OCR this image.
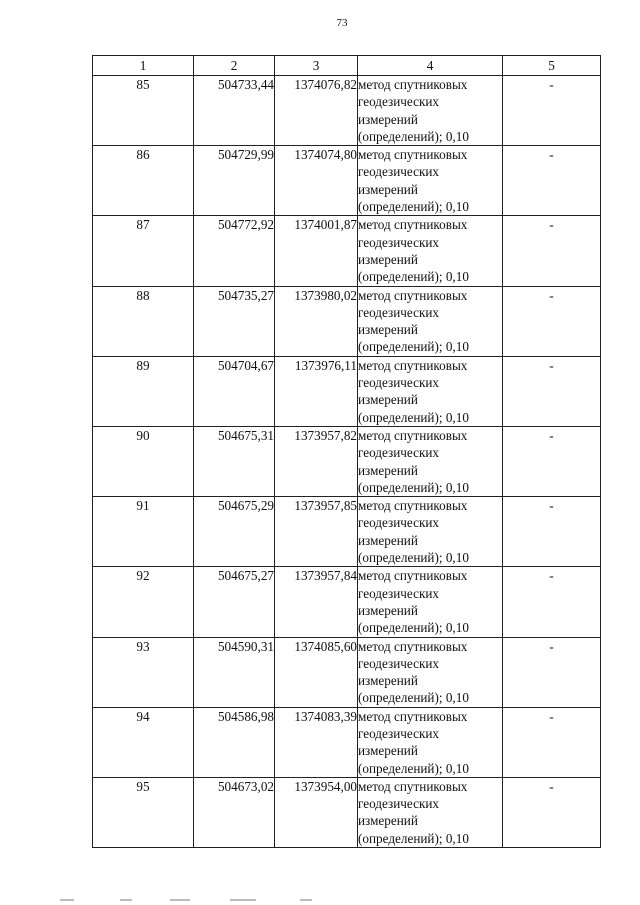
73
1	2	3	4	5
85	504733,44	1374076,82	метод спутниковых
геодезических
измерений
(определений); 0,10	-
86	504729,99	1374074,80	метод спутниковых
геодезических
измерений
(определений); 0,10	-
87	504772,92	1374001,87	метод спутниковых
геодезических
измерений
(определений); 0,10	-
88	504735,27	1373980,02	метод спутниковых
геодезических
измерений
(определений); 0,10	-
89	504704,67	1373976,11	метод спутниковых
геодезических
измерений
(определений); 0,10	-
90	504675,31	1373957,82	метод спутниковых
геодезических
измерений
(определений); 0,10	-
91	504675,29	1373957,85	метод спутниковых
геодезических
измерений
(определений); 0,10	-
92	504675,27	1373957,84	метод спутниковых
геодезических
измерений
(определений); 0,10	-
93	504590,31	1374085,60	метод спутниковых
геодезических
измерений
(определений); 0,10	-
94	504586,98	1374083,39	метод спутниковых
геодезических
измерений
(определений); 0,10	-
95	504673,02	1373954,00	метод спутниковых
геодезических
измерений
(определений); 0,10	-
